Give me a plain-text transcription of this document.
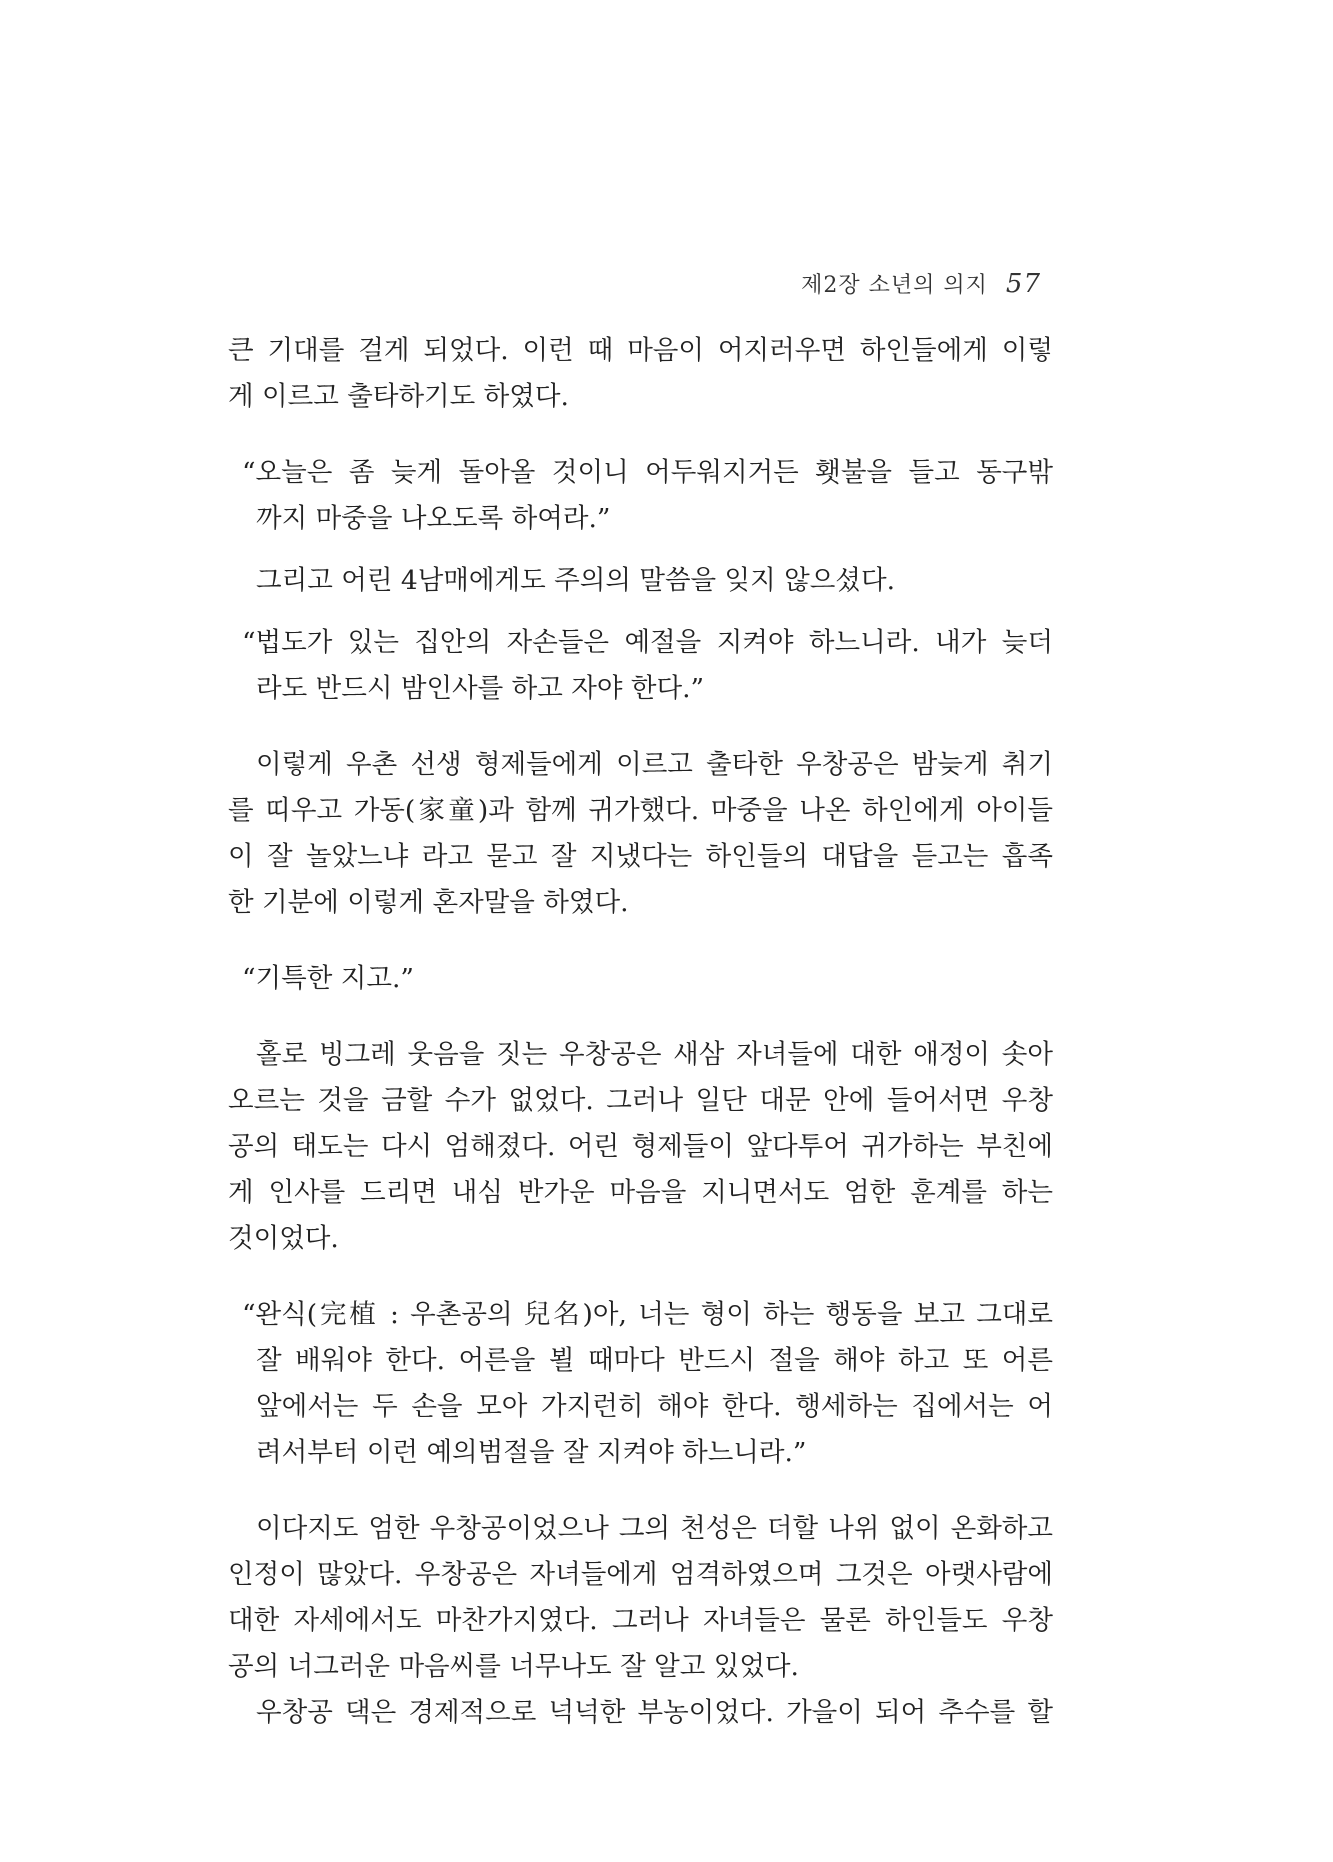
제2장 소년의 의지 57
큰 기대를 걸게 되었다. 이런 때 마음이 어지러우면 하인들에게 이렇
게 이르고 출타하기도 하였다.
“오늘은 좀 늦게 돌아올 것이니 어두워지거든 횃불을 들고 동구밖
까지 마중을 나오도록 하여라.”
그리고 어린 4남매에게도 주의의 말씀을 잊지 않으셨다.
“법도가 있는 집안의 자손들은 예절을 지켜야 하느니라. 내가 늦더
라도 반드시 밤인사를 하고 자야 한다.”
이렇게 우촌 선생 형제들에게 이르고 출타한 우창공은 밤늦게 취기
를 띠우고 가동(家童)과 함께 귀가했다. 마중을 나온 하인에게 아이들
이 잘 놀았느냐 라고 묻고 잘 지냈다는 하인들의 대답을 듣고는 흡족
한 기분에 이렇게 혼자말을 하였다.
“기특한 지고.”
홀로 빙그레 웃음을 짓는 우창공은 새삼 자녀들에 대한 애정이 솟아
오르는 것을 금할 수가 없었다. 그러나 일단 대문 안에 들어서면 우창
공의 태도는 다시 엄해졌다. 어린 형제들이 앞다투어 귀가하는 부친에
게 인사를 드리면 내심 반가운 마음을 지니면서도 엄한 훈계를 하는
것이었다.
“완식(完植 : 우촌공의 兒名)아, 너는 형이 하는 행동을 보고 그대로
잘 배워야 한다. 어른을 뵐 때마다 반드시 절을 해야 하고 또 어른
앞에서는 두 손을 모아 가지런히 해야 한다. 행세하는 집에서는 어
려서부터 이런 예의범절을 잘 지켜야 하느니라.”
이다지도 엄한 우창공이었으나 그의 천성은 더할 나위 없이 온화하고
인정이 많았다. 우창공은 자녀들에게 엄격하였으며 그것은 아랫사람에
대한 자세에서도 마찬가지였다. 그러나 자녀들은 물론 하인들도 우창
공의 너그러운 마음씨를 너무나도 잘 알고 있었다.
우창공 댁은 경제적으로 넉넉한 부농이었다. 가을이 되어 추수를 할
